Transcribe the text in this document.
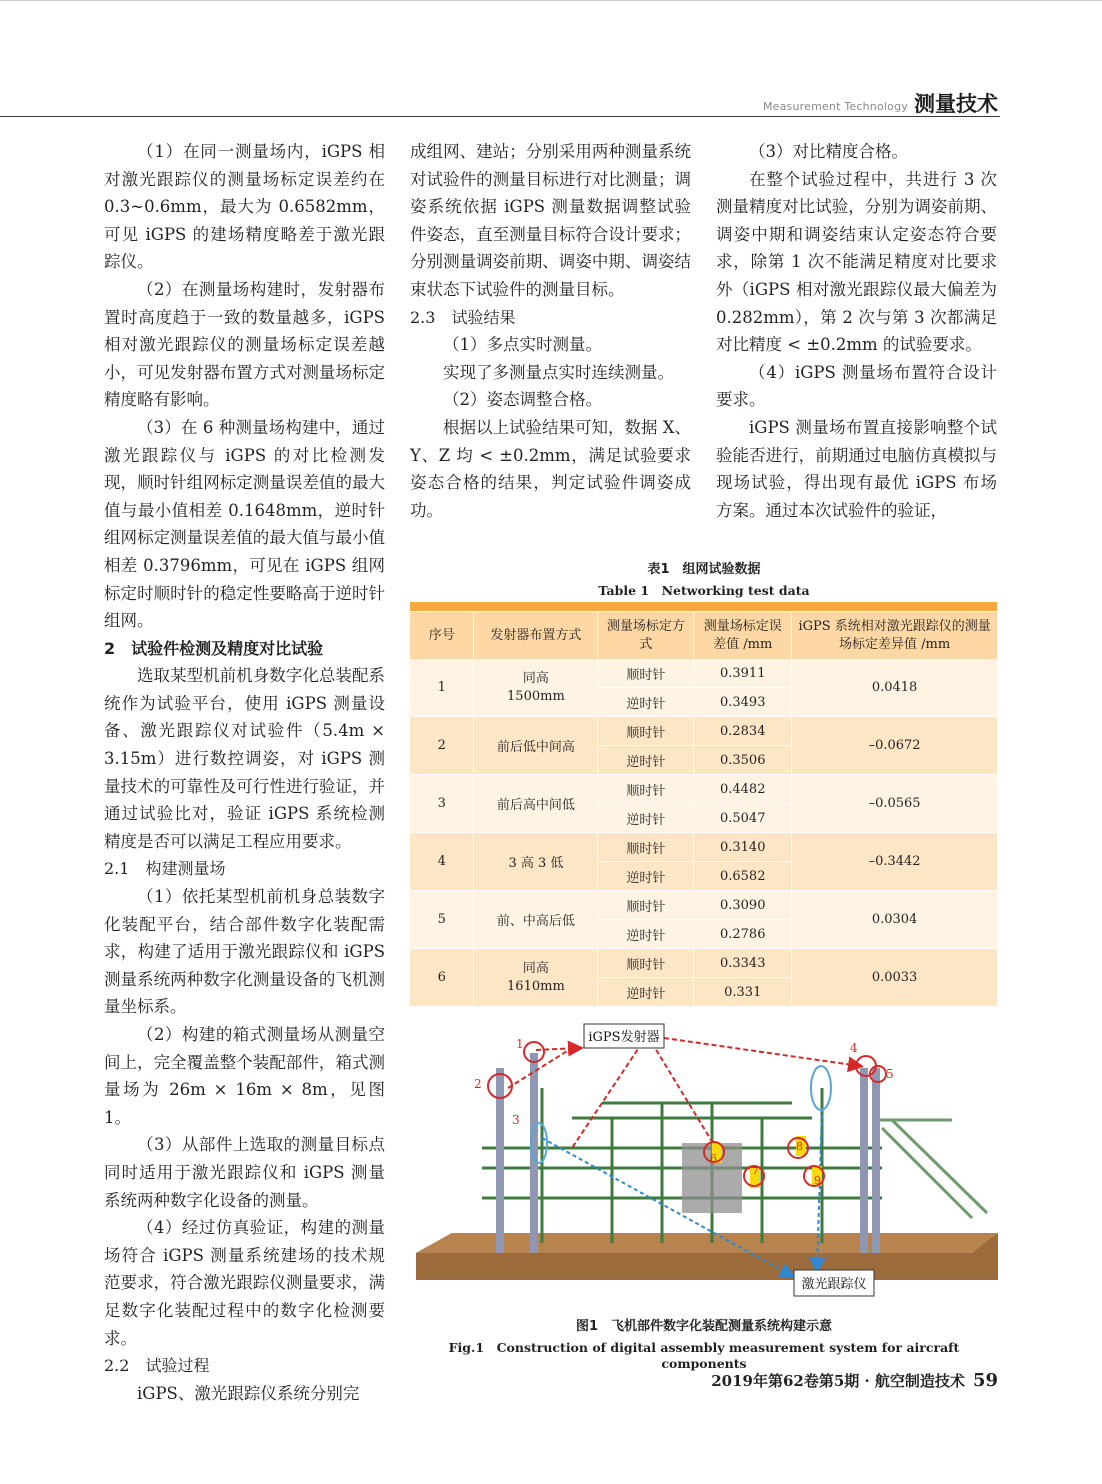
Measurement Technology 测量技术

（1）在同一测量场内，iGPS 相对激光跟踪仪的测量场标定误差约在 0.3~0.6mm，最大为 0.6582mm，可见 iGPS 的建场精度略差于激光跟踪仪。

（2）在测量场构建时，发射器布置时高度趋于一致的数量越多，iGPS 相对激光跟踪仪的测量场标定误差越小，可见发射器布置方式对测量场标定精度略有影响。

（3）在 6 种测量场构建中，通过激光跟踪仪与 iGPS 的对比检测发现，顺时针组网标定测量误差值的最大值与最小值相差 0.1648mm，逆时针组网标定测量误差值的最大值与最小值相差 0.3796mm，可见在 iGPS 组网标定时顺时针的稳定性要略高于逆时针组网。

2　试验件检测及精度对比试验

选取某型机前机身数字化总装配系统作为试验平台，使用 iGPS 测量设备、激光跟踪仪对试验件（5.4m × 3.15m）进行数控调姿，对 iGPS 测量技术的可靠性及可行性进行验证，并通过试验比对，验证 iGPS 系统检测精度是否可以满足工程应用要求。

2.1　构建测量场

（1）依托某型机前机身总装数字化装配平台，结合部件数字化装配需求，构建了适用于激光跟踪仪和 iGPS 测量系统两种数字化测量设备的飞机测量坐标系。

（2）构建的箱式测量场从测量空间上，完全覆盖整个装配部件，箱式测量场为 26m × 16m × 8m，见图 1。

（3）从部件上选取的测量目标点同时适用于激光跟踪仪和 iGPS 测量系统两种数字化设备的测量。

（4）经过仿真验证，构建的测量场符合 iGPS 测量系统建场的技术规范要求，符合激光跟踪仪测量要求，满足数字化装配过程中的数字化检测要求。

2.2　试验过程

iGPS、激光跟踪仪系统分别完

成组网、建站；分别采用两种测量系统对试验件的测量目标进行对比测量；调姿系统依据 iGPS 测量数据调整试验件姿态，直至测量目标符合设计要求；分别测量调姿前期、调姿中期、调姿结束状态下试验件的测量目标。

2.3　试验结果

（1）多点实时测量。

实现了多测量点实时连续测量。

（2）姿态调整合格。

根据以上试验结果可知，数据 X、Y、Z 均 < ±0.2mm，满足试验要求姿态合格的结果，判定试验件调姿成功。

（3）对比精度合格。

在整个试验过程中，共进行 3 次测量精度对比试验，分别为调姿前期、调姿中期和调姿结束认定姿态符合要求，除第 1 次不能满足精度对比要求外（iGPS 相对激光跟踪仪最大偏差为 0.282mm），第 2 次与第 3 次都满足对比精度 < ±0.2mm 的试验要求。

（4）iGPS 测量场布置符合设计要求。

iGPS 测量场布置直接影响整个试验能否进行，前期通过电脑仿真模拟与现场试验，得出现有最优 iGPS 布场方案。通过本次试验件的验证，

表1　组网试验数据
Table 1　Networking test data

序号	发射器布置方式	测量场标定方式	测量场标定误差值 /mm	iGPS 系统相对激光跟踪仪的测量场标定差异值 /mm
1	同高 1500mm	顺时针	0.3911	0.0418
		逆时针	0.3493	
2	前后低中间高	顺时针	0.2834	–0.0672
		逆时针	0.3506	
3	前后高中间低	顺时针	0.4482	–0.0565
		逆时针	0.5047	
4	3 高 3 低	顺时针	0.3140	–0.3442
		逆时针	0.6582	
5	前、中高后低	顺时针	0.3090	0.0304
		逆时针	0.2786	
6	同高 1610mm	顺时针	0.3343	0.0033
		逆时针	0.331	
1
2
3
4
5
6
7
8
9
iGPS发射器
激光跟踪仪
图1　飞机部件数字化装配测量系统构建示意
Fig.1　Construction of digital assembly measurement system for aircraft components
2019年第62卷第5期 · 航空制造技术 59
